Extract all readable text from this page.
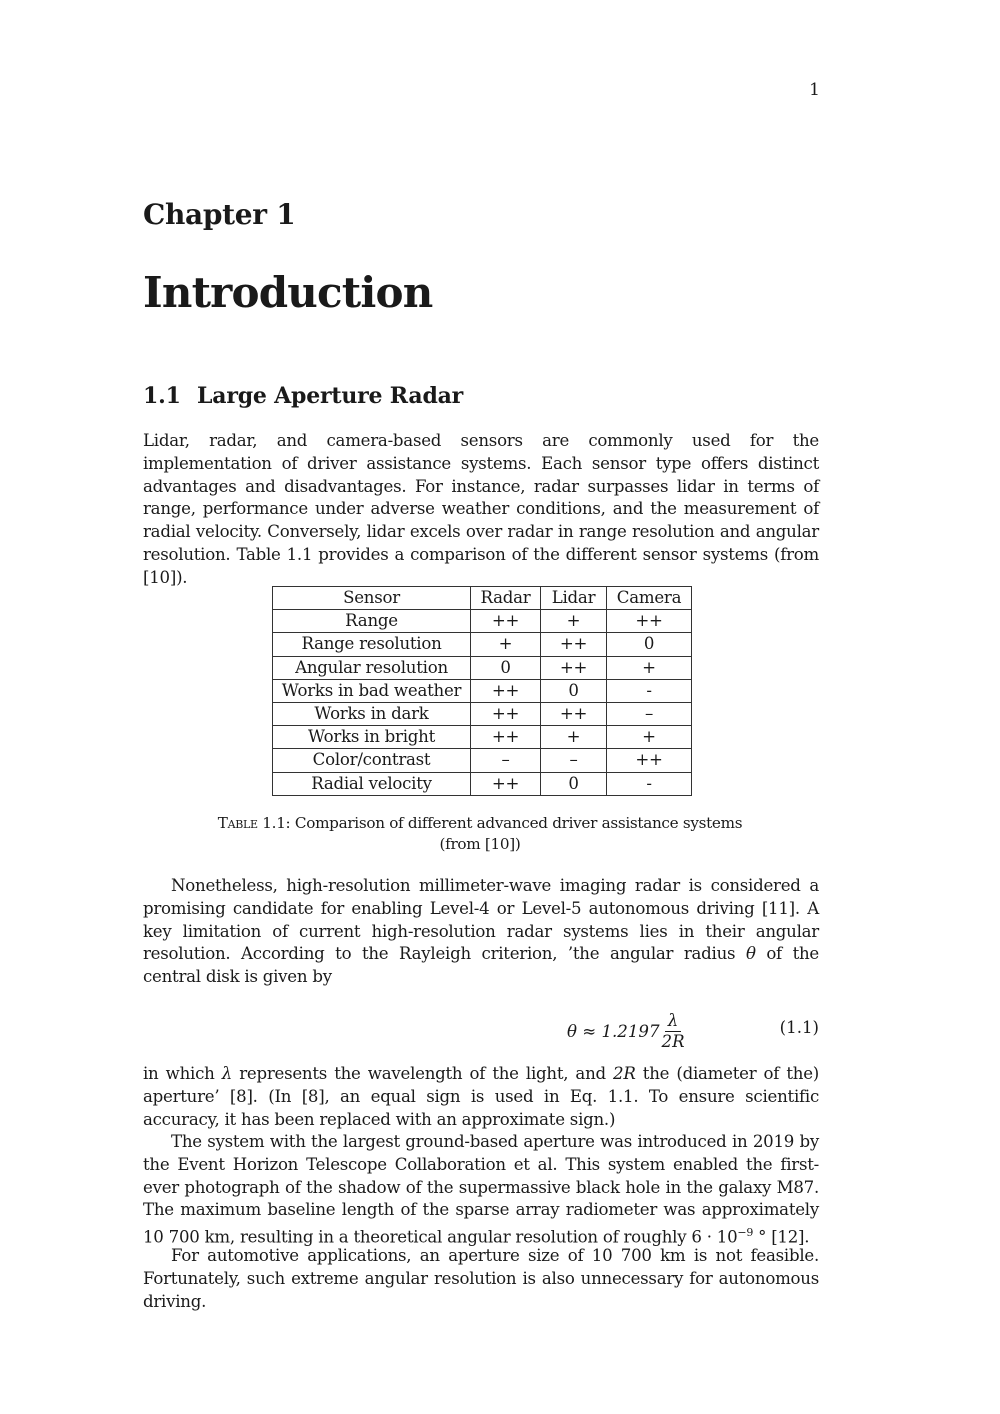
1
Chapter 1
Introduction
1.1 Large Aperture Radar

Lidar, radar, and camera-based sensors are commonly used for the implementation of driver assistance systems. Each sensor type offers distinct advantages and disadvantages. For instance, radar surpasses lidar in terms of range, performance under adverse weather conditions, and the measurement of radial velocity. Conversely, lidar excels over radar in range resolution and angular resolution. Table 1.1 provides a comparison of the different sensor systems (from [10]).

Sensor	Radar	Lidar	Camera
Range	++	+	++
Range resolution	+	++	0
Angular resolution	0	++	+
Works in bad weather	++	0	-
Works in dark	++	++	–
Works in bright	++	+	+
Color/contrast	–	–	++
Radial velocity	++	0	-
Table 1.1: Comparison of different advanced driver assistance systems
(from [10])

Nonetheless, high-resolution millimeter-wave imaging radar is considered a promising candidate for enabling Level-4 or Level-5 autonomous driving [11]. A key limitation of current high-resolution radar systems lies in their angular resolution. According to the Rayleigh criterion, ’the angular radius θ of the central disk is given by

$\theta \approx 1.2197 \frac{\lambda}{2R}$	(1.1)

in which λ represents the wavelength of the light, and 2R the (diameter of the) aperture’ [8]. (In [8], an equal sign is used in Eq. 1.1. To ensure scientific accuracy, it has been replaced with an approximate sign.)

The system with the largest ground-based aperture was introduced in 2019 by the Event Horizon Telescope Collaboration et al. This system enabled the first-ever photograph of the shadow of the supermassive black hole in the galaxy M87. The maximum baseline length of the sparse array radiometer was approximately 10 700 km, resulting in a theoretical angular resolution of roughly $6 \cdot 10^{-9}$ ° [12].

For automotive applications, an aperture size of 10 700 km is not feasible. Fortunately, such extreme angular resolution is also unnecessary for autonomous driving.
